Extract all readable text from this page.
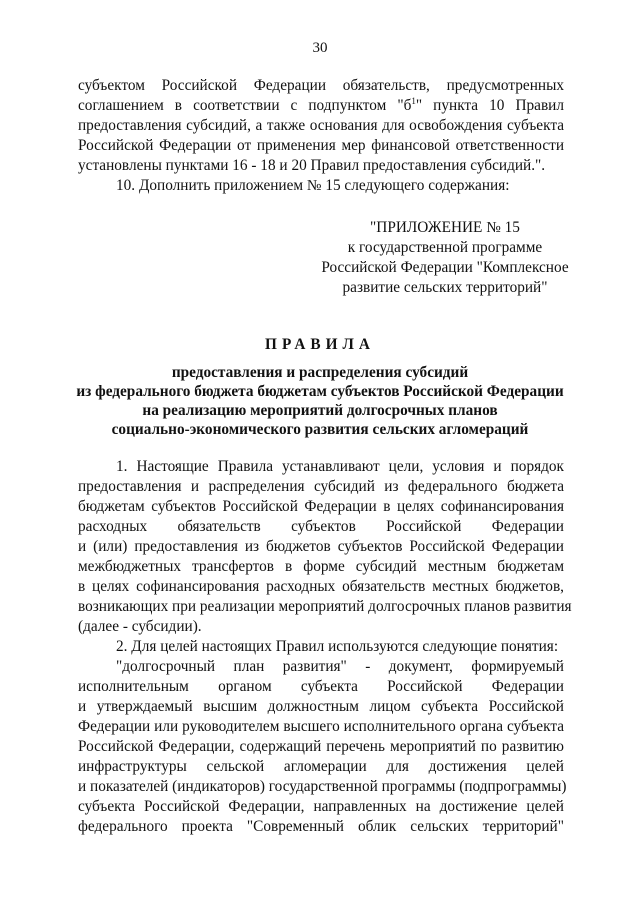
30
субъектом Российской Федерации обязательств, предусмотренных
соглашением в соответствии с подпунктом "$б^1$" пункта 10 Правил
предоставления субсидий, а также основания для освобождения субъекта
Российской Федерации от применения мер финансовой ответственности
установлены пунктами 16 - 18 и 20 Правил предоставления субсидий.".
10. Дополнить приложением № 15 следующего содержания:
"ПРИЛОЖЕНИЕ № 15
к государственной программе
Российской Федерации "Комплексное
развитие сельских территорий"
ПРАВИЛА
предоставления и распределения субсидий
из федерального бюджета бюджетам субъектов Российской Федерации
на реализацию мероприятий долгосрочных планов
социально-экономического развития сельских агломераций
1. Настоящие Правила устанавливают цели, условия и порядок
предоставления и распределения субсидий из федерального бюджета
бюджетам субъектов Российской Федерации в целях софинансирования
расходных обязательств субъектов Российской Федерации
и (или) предоставления из бюджетов субъектов Российской Федерации
межбюджетных трансфертов в форме субсидий местным бюджетам
в целях софинансирования расходных обязательств местных бюджетов,
возникающих при реализации мероприятий долгосрочных планов развития
(далее - субсидии).
2. Для целей настоящих Правил используются следующие понятия:
"долгосрочный план развития" - документ, формируемый
исполнительным органом субъекта Российской Федерации
и утверждаемый высшим должностным лицом субъекта Российской
Федерации или руководителем высшего исполнительного органа субъекта
Российской Федерации, содержащий перечень мероприятий по развитию
инфраструктуры сельской агломерации для достижения целей
и показателей (индикаторов) государственной программы (подпрограммы)
субъекта Российской Федерации, направленных на достижение целей
федерального проекта "Современный облик сельских территорий"
